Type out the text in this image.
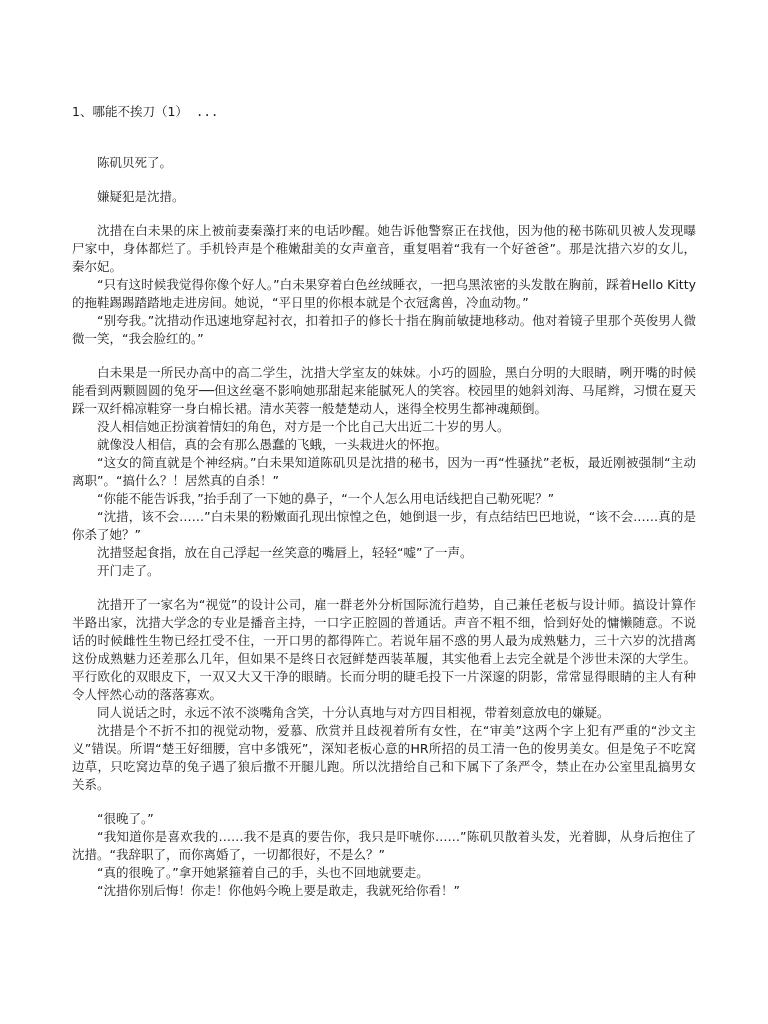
1、哪能不挨刀（1） ...

陈矶贝死了。

嫌疑犯是沈措。

沈措在白未果的床上被前妻秦藻打来的电话吵醒。她告诉他警察正在找他，因为他的秘书陈矶贝被人发现曝尸家中，身体都烂了。手机铃声是个稚嫩甜美的女声童音，重复唱着“我有一个好爸爸”。那是沈措六岁的女儿，秦尔妃。

“只有这时候我觉得你像个好人。”白未果穿着白色丝绒睡衣，一把乌黑浓密的头发散在胸前，踩着Hello Kitty的拖鞋踢踢踏踏地走进房间。她说，“平日里的你根本就是个衣冠禽兽，冷血动物。”

“别夸我。”沈措动作迅速地穿起衬衣，扣着扣子的修长十指在胸前敏捷地移动。他对着镜子里那个英俊男人微微一笑，“我会脸红的。”

白未果是一所民办高中的高二学生，沈措大学室友的妹妹。小巧的圆脸，黑白分明的大眼睛，咧开嘴的时候能看到两颗圆圆的兔牙──但这丝毫不影响她那甜起来能腻死人的笑容。校园里的她斜刘海、马尾辫，习惯在夏天踩一双纤棉凉鞋穿一身白棉长裙。清水芙蓉一般楚楚动人，迷得全校男生都神魂颠倒。

没人相信她正扮演着情妇的角色，对方是一个比自己大出近二十岁的男人。

就像没人相信，真的会有那么愚蠢的飞蛾，一头栽进火的怀抱。

“这女的简直就是个神经病。”白未果知道陈矶贝是沈措的秘书，因为一再“性骚扰”老板，最近刚被强制“主动离职”。“搞什么？！居然真的自杀！”

“你能不能告诉我，”抬手刮了一下她的鼻子，“一个人怎么用电话线把自己勒死呢？”

“沈措，该不会……”白未果的粉嫩面孔现出惊惶之色，她倒退一步，有点结结巴巴地说，“该不会……真的是你杀了她？”

沈措竖起食指，放在自己浮起一丝笑意的嘴唇上，轻轻“嘘”了一声。

开门走了。

沈措开了一家名为“视觉”的设计公司，雇一群老外分析国际流行趋势，自己兼任老板与设计师。搞设计算作半路出家，沈措大学念的专业是播音主持，一口字正腔圆的普通话。声音不粗不细，恰到好处的慵懒随意。不说话的时候雌性生物已经扛受不住，一开口男的都得阵亡。若说年届不惑的男人最为成熟魅力，三十六岁的沈措离这份成熟魅力还差那么几年，但如果不是终日衣冠鲜楚西装革履，其实他看上去完全就是个涉世未深的大学生。平行欧化的双眼皮下，一双又大又干净的眼睛。长而分明的睫毛投下一片深邃的阴影，常常显得眼睛的主人有种令人怦然心动的落落寡欢。

同人说话之时，永远不浓不淡嘴角含笑，十分认真地与对方四目相视，带着刻意放电的嫌疑。

沈措是个不折不扣的视觉动物，爱慕、欣赏并且歧视着所有女性，在“审美”这两个字上犯有严重的“沙文主义”错误。所谓“楚王好细腰，宫中多饿死”，深知老板心意的HR所招的员工清一色的俊男美女。但是兔子不吃窝边草，只吃窝边草的兔子遇了狼后撒不开腿儿跑。所以沈措给自己和下属下了条严令，禁止在办公室里乱搞男女关系。

“很晚了。”

“我知道你是喜欢我的……我不是真的要告你，我只是吓唬你……”陈矶贝散着头发，光着脚，从身后抱住了沈措。“我辞职了，而你离婚了，一切都很好，不是么？”

“真的很晚了。”拿开她紧箍着自己的手，头也不回地就要走。

“沈措你别后悔！你走！你他妈今晚上要是敢走，我就死给你看！”
